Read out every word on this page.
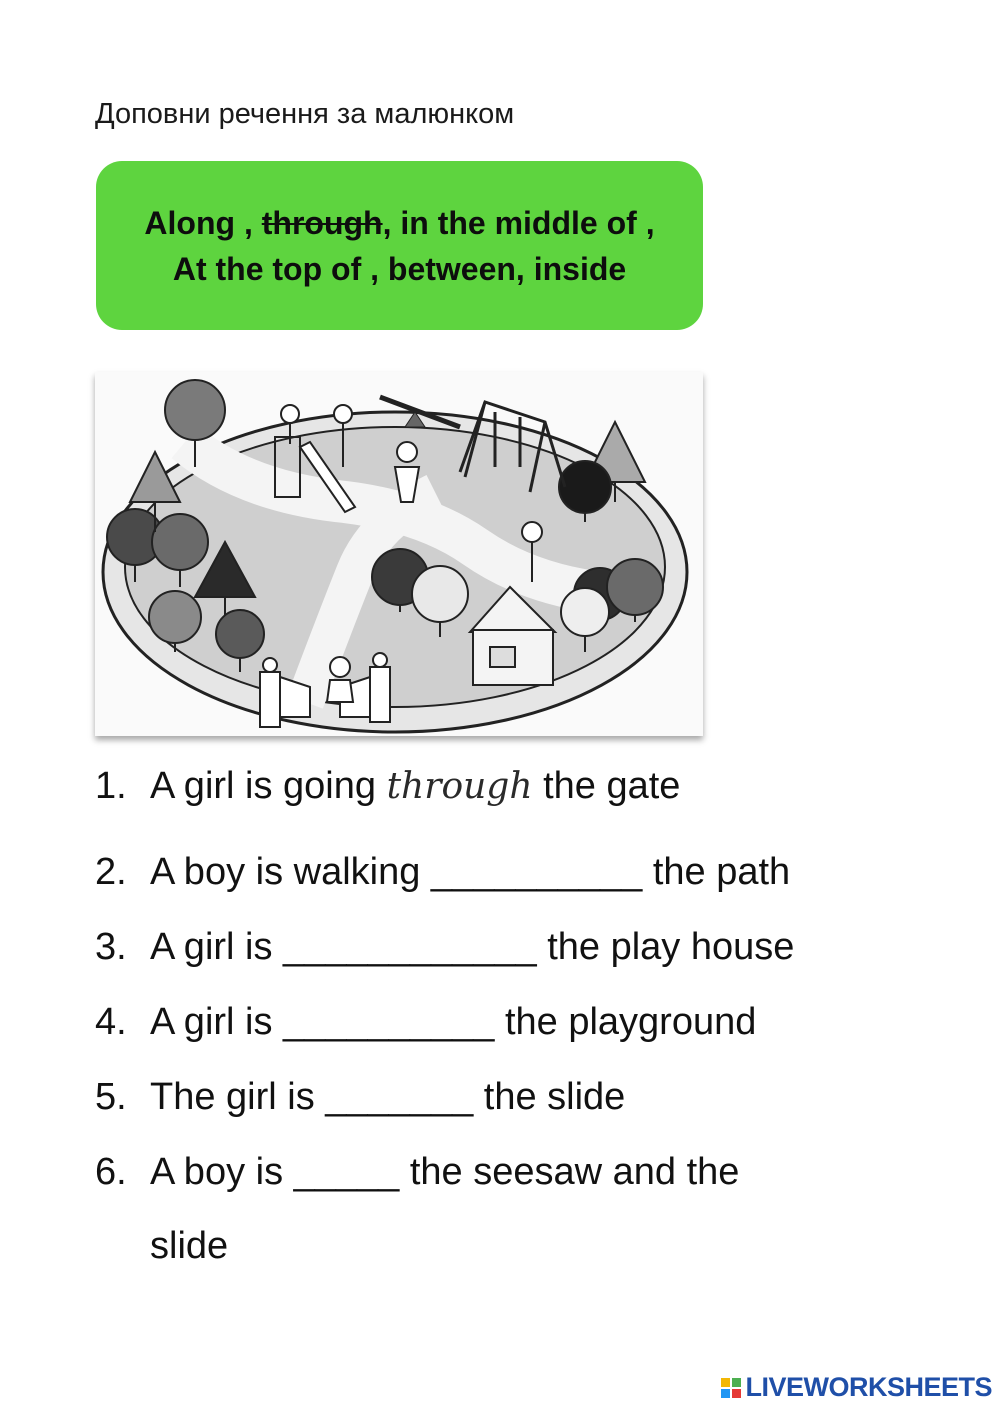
Доповни речення за малюнком
Along , through, in the middle of ,
At the top of , between, inside
1. A girl is going through the gate
2. A boy is walking __________ the path
3. A girl is ____________ the play house
4. A girl is __________ the playground
5. The girl is _______ the slide
6. A boy is _____ the seesaw and the
slide
LIVEWORKSHEETS
